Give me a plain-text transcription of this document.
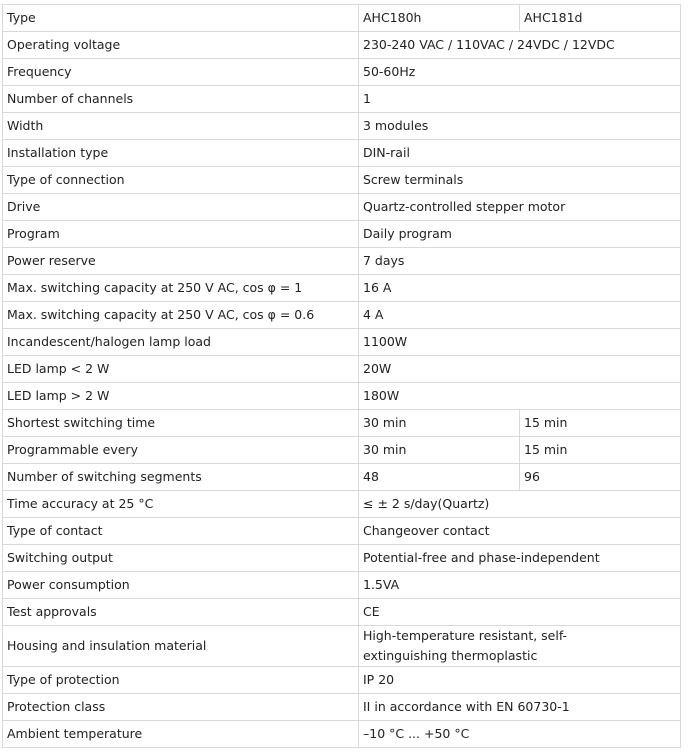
Type	AHC180h	AHC181d
Operating voltage	230-240 VAC / 110VAC / 24VDC / 12VDC	
Frequency	50-60Hz	
Number of channels	1	
Width	3 modules	
Installation type	DIN-rail	
Type of connection	Screw terminals	
Drive	Quartz-controlled stepper motor	
Program	Daily program	
Power reserve	7 days	
Max. switching capacity at 250 V AC, cos φ = 1	16 A	
Max. switching capacity at 250 V AC, cos φ = 0.6	4 A	
Incandescent/halogen lamp load	1100W	
LED lamp < 2 W	20W	
LED lamp > 2 W	180W	
Shortest switching time	30 min	15 min
Programmable every	30 min	15 min
Number of switching segments	48	96
Time accuracy at 25 °C	≤ ± 2 s/day(Quartz)	
Type of contact	Changeover contact	
Switching output	Potential-free and phase-independent	
Power consumption	1.5VA	
Test approvals	CE	
Housing and insulation material	High-temperature resistant, self-extinguishing thermoplastic	

Type of protection	IP 20	
Protection class	II in accordance with EN 60730-1	
Ambient temperature	–10 °C ... +50 °C	
